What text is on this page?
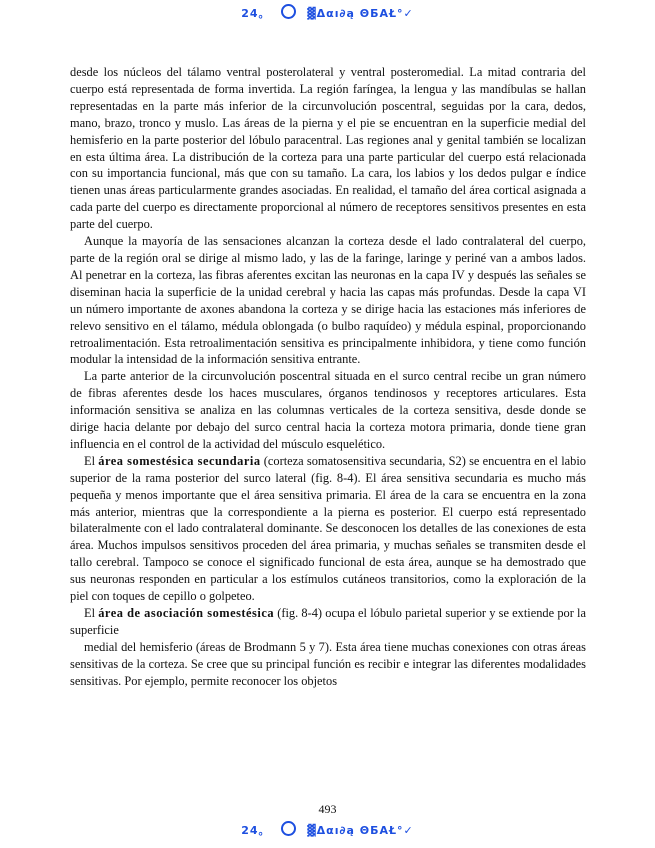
24。	▓Δαı∂ą ΘБАŁ°✓

desde los núcleos del tálamo ventral posterolateral y ventral posteromedial. La mitad contraria del cuerpo está representada de forma invertida. La región faríngea, la lengua y las mandíbulas se hallan representadas en la parte más inferior de la circunvolución poscentral, seguidas por la cara, dedos, mano, brazo, tronco y muslo. Las áreas de la pierna y el pie se encuentran en la superficie medial del hemisferio en la parte posterior del lóbulo paracentral. Las regiones anal y genital también se localizan en esta última área. La distribución de la corteza para una parte particular del cuerpo está relacionada con su importancia funcional, más que con su tamaño. La cara, los labios y los dedos pulgar e índice tienen unas áreas particularmente grandes asociadas. En realidad, el tamaño del área cortical asignada a cada parte del cuerpo es directamente proporcional al número de receptores sensitivos presentes en esta parte del cuerpo.

Aunque la mayoría de las sensaciones alcanzan la corteza desde el lado contralateral del cuerpo, parte de la región oral se dirige al mismo lado, y las de la faringe, laringe y periné van a ambos lados. Al penetrar en la corteza, las fibras aferentes excitan las neuronas en la capa IV y después las señales se diseminan hacia la superficie de la unidad cerebral y hacia las capas más profundas. Desde la capa VI un número importante de axones abandona la corteza y se dirige hacia las estaciones más inferiores de relevo sensitivo en el tálamo, médula oblongada (o bulbo raquídeo) y médula espinal, proporcionando retroalimentación. Esta retroalimentación sensitiva es principalmente inhibidora, y tiene como función modular la intensidad de la información sensitiva entrante.

La parte anterior de la circunvolución poscentral situada en el surco central recibe un gran número de fibras aferentes desde los haces musculares, órganos tendinosos y receptores articulares. Esta información sensitiva se analiza en las columnas verticales de la corteza sensitiva, desde donde se dirige hacia delante por debajo del surco central hacia la corteza motora primaria, donde tiene gran influencia en el control de la actividad del músculo esquelético.

El área somestésica secundaria (corteza somatosensitiva secundaria, S2) se encuentra en el labio superior de la rama posterior del surco lateral (fig. 8-4). El área sensitiva secundaria es mucho más pequeña y menos importante que el área sensitiva primaria. El área de la cara se encuentra en la zona más anterior, mientras que la correspondiente a la pierna es posterior. El cuerpo está representado bilateralmente con el lado contralateral dominante. Se desconocen los detalles de las conexiones de esta área. Muchos impulsos sensitivos proceden del área primaria, y muchas señales se transmiten desde el tallo cerebral. Tampoco se conoce el significado funcional de esta área, aunque se ha demostrado que sus neuronas responden en particular a los estímulos cutáneos transitorios, como la exploración de la piel con toques de cepillo o golpeteo.

El área de asociación somestésica (fig. 8-4) ocupa el lóbulo parietal superior y se extiende por la superficie

medial del hemisferio (áreas de Brodmann 5 y 7). Esta área tiene muchas conexiones con otras áreas sensitivas de la corteza. Se cree que su principal función es recibir e integrar las diferentes modalidades sensitivas. Por ejemplo, permite reconocer los objetos

493
24。	▓Δαı∂ą ΘБАŁ°✓
